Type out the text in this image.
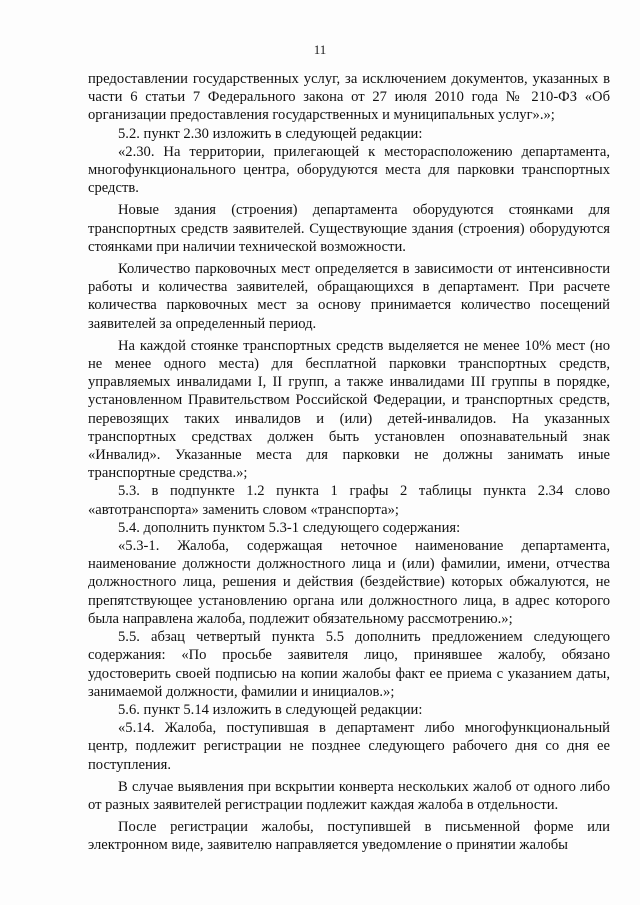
11

предоставлении государственных услуг, за исключением документов, указанных в части 6 статьи 7 Федерального закона от 27 июля 2010 года № 210-ФЗ «Об организации предоставления государственных и муниципальных услуг».»;

5.2. пункт 2.30 изложить в следующей редакции:

«2.30. На территории, прилегающей к месторасположению департамента, многофункционального центра, оборудуются места для парковки транспортных средств.

Новые здания (строения) департамента оборудуются стоянками для транспортных средств заявителей. Существующие здания (строения) оборудуются стоянками при наличии технической возможности.

Количество парковочных мест определяется в зависимости от интенсивности работы и количества заявителей, обращающихся в департамент. При расчете количества парковочных мест за основу принимается количество посещений заявителей за определенный период.

На каждой стоянке транспортных средств выделяется не менее 10% мест (но не менее одного места) для бесплатной парковки транспортных средств, управляемых инвалидами I, II групп, а также инвалидами III группы в порядке, установленном Правительством Российской Федерации, и транспортных средств, перевозящих таких инвалидов и (или) детей-инвалидов. На указанных транспортных средствах должен быть установлен опознавательный знак «Инвалид». Указанные места для парковки не должны занимать иные транспортные средства.»;

5.3. в подпункте 1.2 пункта 1 графы 2 таблицы пункта 2.34 слово «автотранспорта» заменить словом «транспорта»;

5.4. дополнить пунктом 5.3-1 следующего содержания:

«5.3-1. Жалоба, содержащая неточное наименование департамента, наименование должности должностного лица и (или) фамилии, имени, отчества должностного лица, решения и действия (бездействие) которых обжалуются, не препятствующее установлению органа или должностного лица, в адрес которого была направлена жалоба, подлежит обязательному рассмотрению.»;

5.5. абзац четвертый пункта 5.5 дополнить предложением следующего содержания: «По просьбе заявителя лицо, принявшее жалобу, обязано удостоверить своей подписью на копии жалобы факт ее приема с указанием даты, занимаемой должности, фамилии и инициалов.»;

5.6. пункт 5.14 изложить в следующей редакции:

«5.14. Жалоба, поступившая в департамент либо многофункциональный центр, подлежит регистрации не позднее следующего рабочего дня со дня ее поступления.

В случае выявления при вскрытии конверта нескольких жалоб от одного либо от разных заявителей регистрации подлежит каждая жалоба в отдельности.

После регистрации жалобы, поступившей в письменной форме или электронном виде, заявителю направляется уведомление о принятии жалобы
